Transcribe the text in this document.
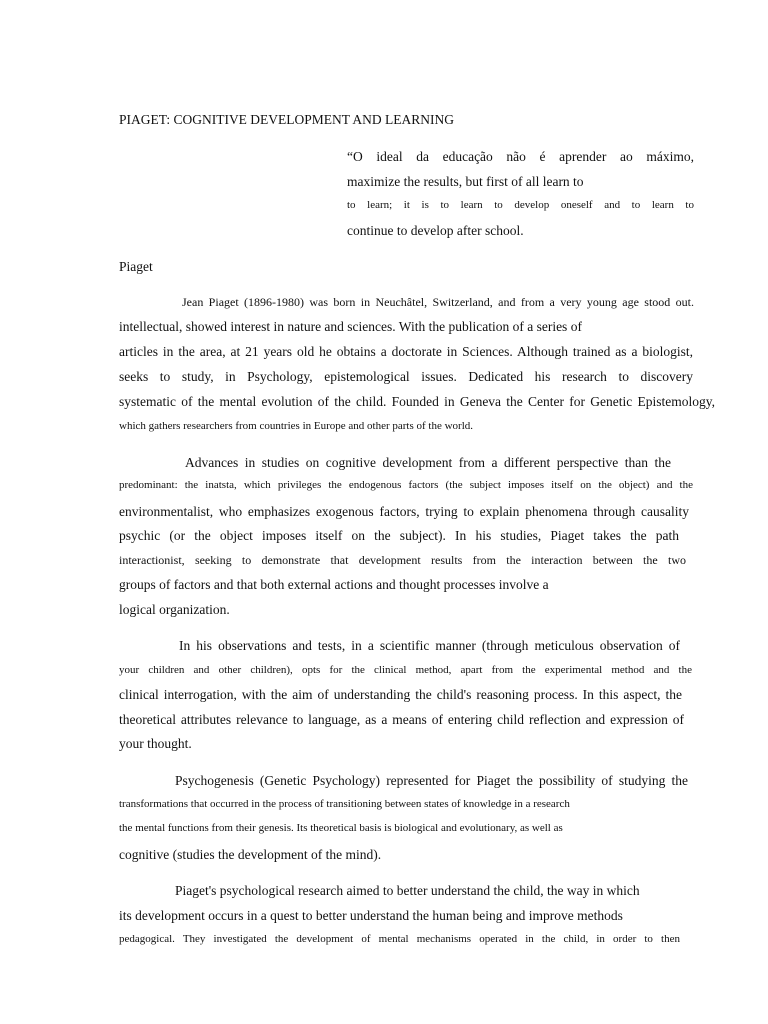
PIAGET: COGNITIVE DEVELOPMENT AND LEARNING
“O ideal da educação não é aprender ao máximo,
maximize the results, but first of all learn to
to learn; it is to learn to develop oneself and to learn to
continue to develop after school.
Piaget
Jean Piaget (1896-1980) was born in Neuchâtel, Switzerland, and from a very young age stood out.
intellectual, showed interest in nature and sciences. With the publication of a series of
articles in the area, at 21 years old he obtains a doctorate in Sciences. Although trained as a biologist,
seeks to study, in Psychology, epistemological issues. Dedicated his research to discovery
systematic of the mental evolution of the child. Founded in Geneva the Center for Genetic Epistemology,
which gathers researchers from countries in Europe and other parts of the world.
Advances in studies on cognitive development from a different perspective than the
predominant: the inatsta, which privileges the endogenous factors (the subject imposes itself on the object) and the
environmentalist, who emphasizes exogenous factors, trying to explain phenomena through causality
psychic (or the object imposes itself on the subject). In his studies, Piaget takes the path
interactionist, seeking to demonstrate that development results from the interaction between the two
groups of factors and that both external actions and thought processes involve a
logical organization.
In his observations and tests, in a scientific manner (through meticulous observation of
your children and other children), opts for the clinical method, apart from the experimental method and the
clinical interrogation, with the aim of understanding the child's reasoning process. In this aspect, the
theoretical attributes relevance to language, as a means of entering child reflection and expression of
your thought.
Psychogenesis (Genetic Psychology) represented for Piaget the possibility of studying the
transformations that occurred in the process of transitioning between states of knowledge in a research
the mental functions from their genesis. Its theoretical basis is biological and evolutionary, as well as
cognitive (studies the development of the mind).
Piaget's psychological research aimed to better understand the child, the way in which
its development occurs in a quest to better understand the human being and improve methods
pedagogical. They investigated the development of mental mechanisms operated in the child, in order to then
